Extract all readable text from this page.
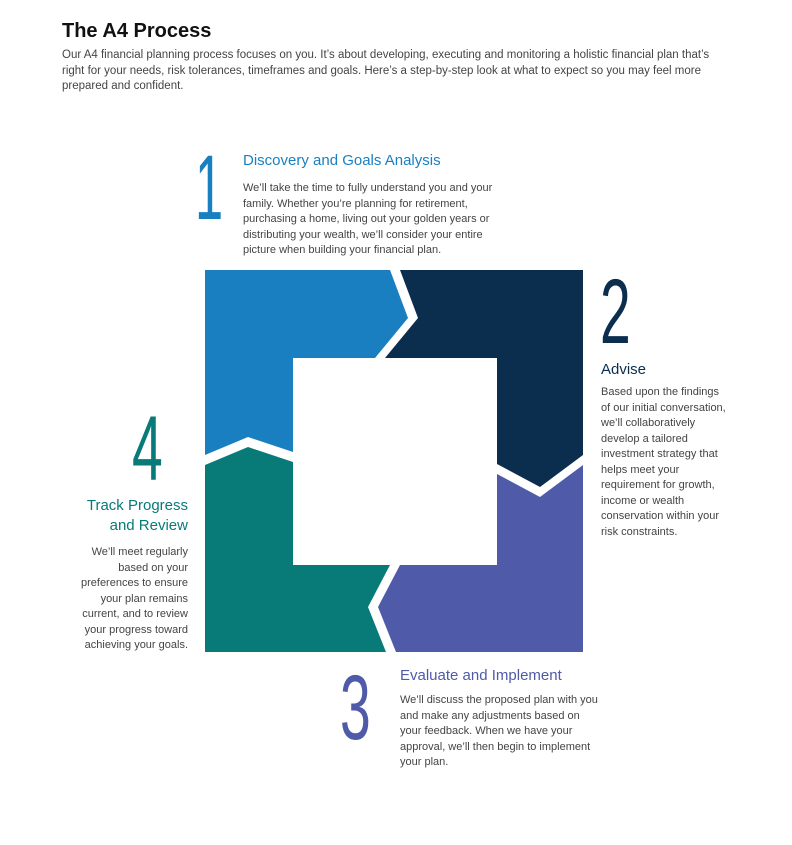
The A4 Process

Our A4 financial planning process focuses on you. It’s about developing, executing and monitoring a holistic financial plan that’s right for your needs, risk tolerances, timeframes and goals. Here’s a step-by-step look at what to expect so you may feel more prepared and confident.

1 Discovery and Goals Analysis

We’ll take the time to fully understand you and your family. Whether you’re planning for retirement, purchasing a home, living out your golden years or distributing your wealth, we’ll consider your entire picture when building your financial plan.

2
Advise

Based upon the findings of our initial conversation, we’ll collaboratively develop a tailored investment strategy that helps meet your requirement for growth, income or wealth conservation within your risk constraints.

3 Evaluate and Implement

We’ll discuss the proposed plan with you and make any adjustments based on your feedback. When we have your approval, we’ll then begin to implement your plan.

4
Track Progress and Review

We’ll meet regularly based on your preferences to ensure your plan remains current, and to review your progress toward achieving your goals.
